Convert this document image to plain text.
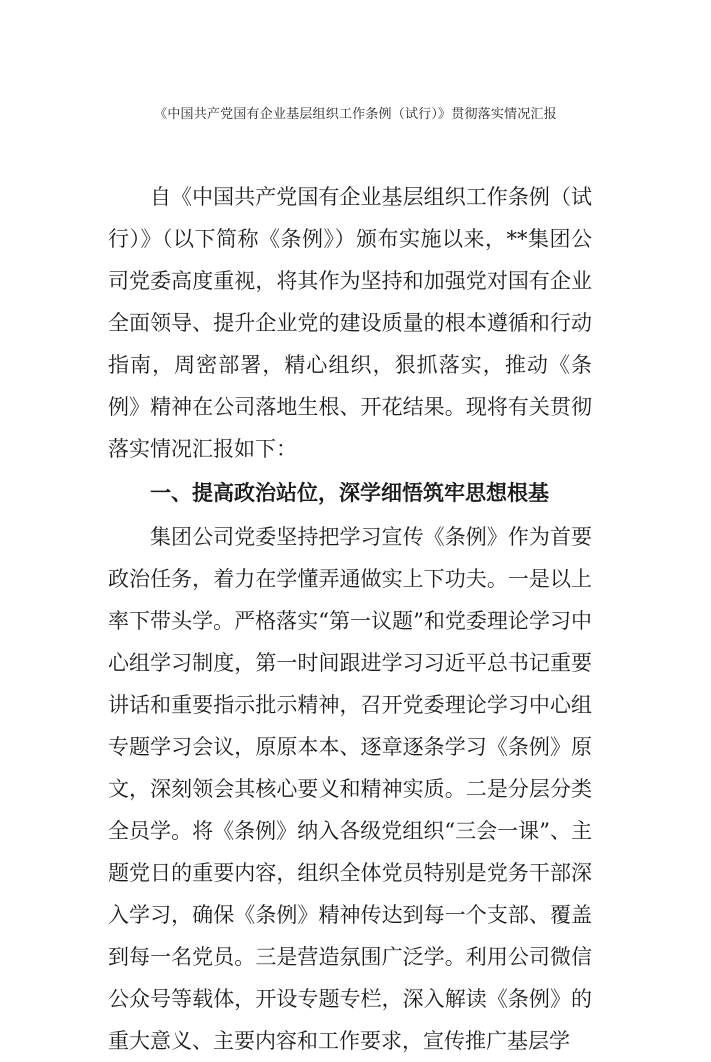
《中国共产党国有企业基层组织工作条例（试行）》贯彻落实情况汇报

自《中国共产党国有企业基层组织工作条例（试行）》（以下简称《条例》）颁布实施以来，**集团公司党委高度重视，将其作为坚持和加强党对国有企业全面领导、提升企业党的建设质量的根本遵循和行动指南，周密部署，精心组织，狠抓落实，推动《条例》精神在公司落地生根、开花结果。现将有关贯彻落实情况汇报如下：

一、提高政治站位，深学细悟筑牢思想根基

集团公司党委坚持把学习宣传《条例》作为首要政治任务，着力在学懂弄通做实上下功夫。一是以上率下带头学。严格落实“第一议题”和党委理论学习中心组学习制度，第一时间跟进学习习近平总书记重要讲话和重要指示批示精神，召开党委理论学习中心组专题学习会议，原原本本、逐章逐条学习《条例》原文，深刻领会其核心要义和精神实质。二是分层分类全员学。将《条例》纳入各级党组织“三会一课”、主题党日的重要内容，组织全体党员特别是党务干部深入学习，确保《条例》精神传达到每一个支部、覆盖到每一名党员。三是营造氛围广泛学。利用公司微信公众号等载体，开设专题专栏，深入解读《条例》的重大意义、主要内容和工作要求，宣传推广基层学
